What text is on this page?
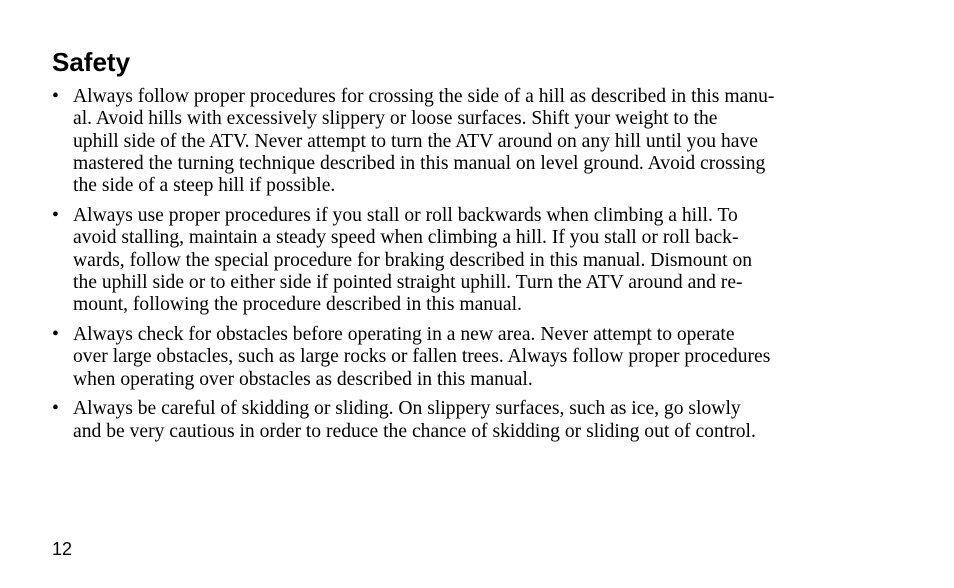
Safety
• Always follow proper procedures for crossing the side of a hill as described in this manu-
al. Avoid hills with excessively slippery or loose surfaces. Shift your weight to the
uphill side of the ATV. Never attempt to turn the ATV around on any hill until you have
mastered the turning technique described in this manual on level ground. Avoid crossing
the side of a steep hill if possible.
• Always use proper procedures if you stall or roll backwards when climbing a hill. To
avoid stalling, maintain a steady speed when climbing a hill. If you stall or roll back-
wards, follow the special procedure for braking described in this manual. Dismount on
the uphill side or to either side if pointed straight uphill. Turn the ATV around and re-
mount, following the procedure described in this manual.
• Always check for obstacles before operating in a new area. Never attempt to operate
over large obstacles, such as large rocks or fallen trees. Always follow proper procedures
when operating over obstacles as described in this manual.
• Always be careful of skidding or sliding. On slippery surfaces, such as ice, go slowly
and be very cautious in order to reduce the chance of skidding or sliding out of control.
12
